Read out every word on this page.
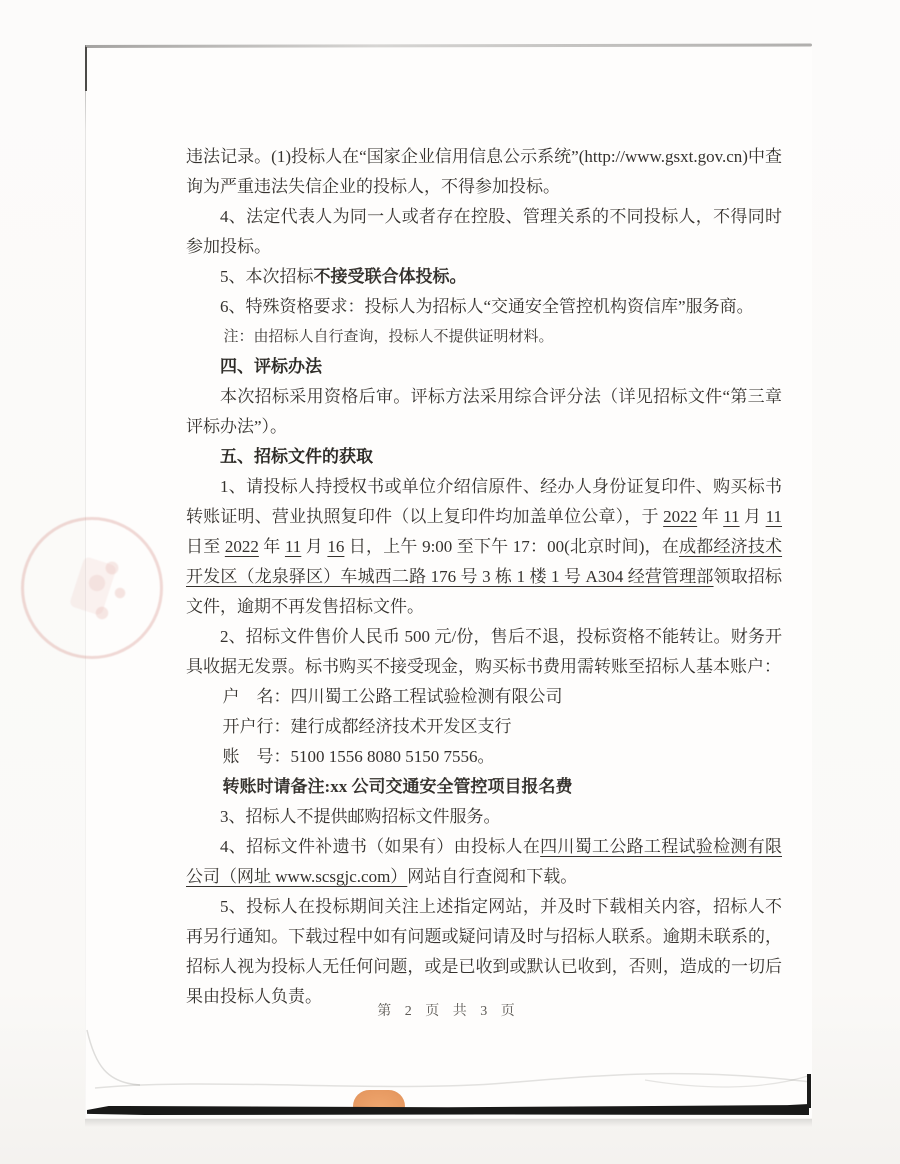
违法记录。(1)投标人在“国家企业信用信息公示系统”(http://www.gsxt.gov.cn)中查询为严重违法失信企业的投标人，不得参加投标。

4、法定代表人为同一人或者存在控股、管理关系的不同投标人，不得同时参加投标。

5、本次招标不接受联合体投标。

6、特殊资格要求：投标人为招标人“交通安全管控机构资信库”服务商。

注：由招标人自行查询，投标人不提供证明材料。

四、评标办法

本次招标采用资格后审。评标方法采用综合评分法（详见招标文件“第三章评标办法”）。

五、招标文件的获取

1、请投标人持授权书或单位介绍信原件、经办人身份证复印件、购买标书转账证明、营业执照复印件（以上复印件均加盖单位公章），于 2022 年 11 月 11 日至 2022 年 11 月 16 日，上午 9:00 至下午 17：00(北京时间)，在成都经济技术开发区（龙泉驿区）车城西二路 176 号 3 栋 1 楼 1 号 A304 经营管理部领取招标文件，逾期不再发售招标文件。

2、招标文件售价人民币 500 元/份，售后不退，投标资格不能转让。财务开具收据无发票。标书购买不接受现金，购买标书费用需转账至招标人基本账户：

户　名：四川蜀工公路工程试验检测有限公司

开户行：建行成都经济技术开发区支行

账　号：5100 1556 8080 5150 7556。

转账时请备注:xx 公司交通安全管控项目报名费

3、招标人不提供邮购招标文件服务。

4、招标文件补遗书（如果有）由投标人在四川蜀工公路工程试验检测有限公司（网址 www.scsgjc.com）网站自行查阅和下载。

5、投标人在投标期间关注上述指定网站，并及时下载相关内容，招标人不再另行通知。下载过程中如有问题或疑问请及时与招标人联系。逾期未联系的，招标人视为投标人无任何问题，或是已收到或默认已收到，否则，造成的一切后果由投标人负责。

第 2 页 共 3 页
